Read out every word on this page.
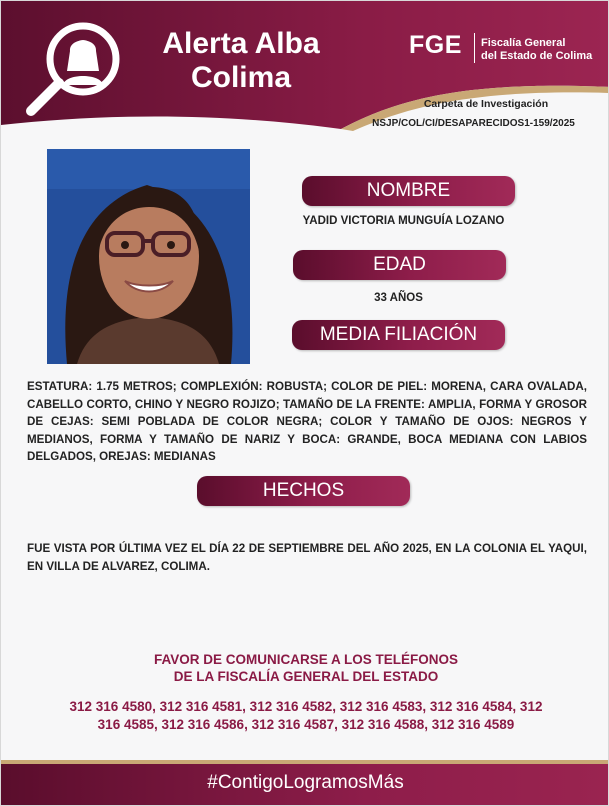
Alerta Alba
Colima
FGE Fiscalía General
del Estado de Colima
Carpeta de Investigación
NSJP/COL/CI/DESAPARECIDOS1-159/2025
NOMBRE
YADID VICTORIA MUNGUÍA LOZANO
EDAD
33 AÑOS
MEDIA FILIACIÓN

ESTATURA: 1.75 METROS; COMPLEXIÓN: ROBUSTA; COLOR DE PIEL: MORENA, CARA OVALADA, CABELLO CORTO, CHINO Y NEGRO ROJIZO; TAMAÑO DE LA FRENTE: AMPLIA, FORMA Y GROSOR DE CEJAS: SEMI POBLADA DE COLOR NEGRA; COLOR Y TAMAÑO DE OJOS: NEGROS Y MEDIANOS, FORMA Y TAMAÑO DE NARIZ Y BOCA: GRANDE, BOCA MEDIANA CON LABIOS DELGADOS, OREJAS: MEDIANAS

HECHOS

FUE VISTA POR ÚLTIMA VEZ EL DÍA 22 DE SEPTIEMBRE DEL AÑO 2025, EN LA COLONIA EL YAQUI, EN VILLA DE ALVAREZ, COLIMA.

FAVOR DE COMUNICARSE A LOS TELÉFONOS
DE LA FISCALÍA GENERAL DEL ESTADO
312 316 4580, 312 316 4581, 312 316 4582, 312 316 4583, 312 316 4584, 312 316 4585, 312 316 4586, 312 316 4587, 312 316 4588, 312 316 4589
#ContigoLogramosMás
